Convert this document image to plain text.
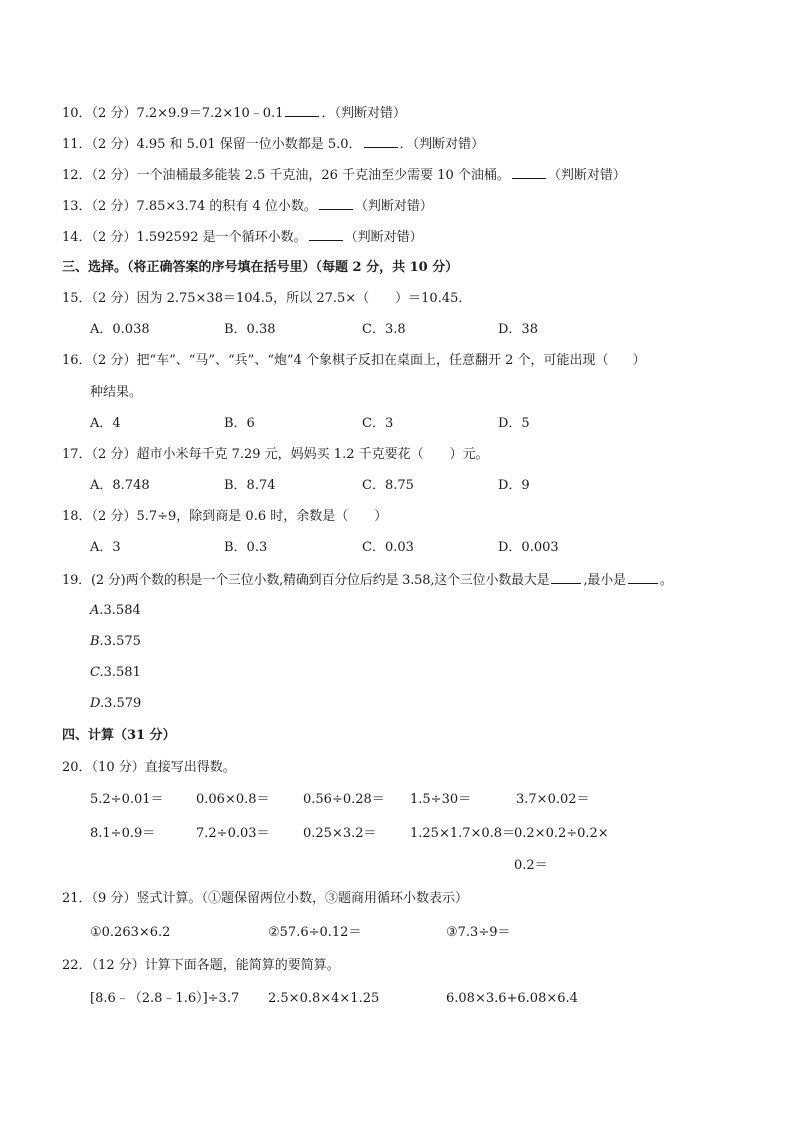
10．（2 分）7.2×9.9＝7.2×10﹣0.1	．（判断对错）
11．（2 分）4.95 和 5.01 保留一位小数都是 5.0．	．（判断对错）
12．（2 分）一个油桶最多能装 2.5 千克油，26 千克油至少需要 10 个油桶。	（判断对错）
13．（2 分）7.85×3.74 的积有 4 位小数。	（判断对错）
14．（2 分）1.592592 是一个循环小数。	（判断对错）
三、选择。（将正确答案的序号填在括号里）（每题 2 分，共 10 分）
15．（2 分）因为 2.75×38＝104.5，所以 27.5×（ ）＝10.45．
A．0.038	B．0.38	C．3.8	D．38
16．（2 分）把“车”、“马”、“兵”、“炮”4 个象棋子反扣在桌面上，任意翻开 2 个，可能出现（ ）
种结果。
A．4	B．6	C．3	D．5
17．（2 分）超市小米每千克 7.29 元，妈妈买 1.2 千克要花（ ）元。
A．8.748	B．8.74	C．8.75	D．9
18．（2 分）5.7÷9，除到商是 0.6 时，余数是（ ）
A．3	B．0.3	C．0.03	D．0.003
19．(2 分)两个数的积是一个三位小数,精确到百分位后约是 3.58,这个三位小数最大是	,最小是	。
A.3.584
B.3.575
C.3.581
D.3.579
四、计算（31 分）
20．（10 分）直接写出得数。
5.2÷0.01＝ 0.06×0.8＝	0.56÷0.28＝ 1.5÷30＝	3.7×0.02＝
8.1÷0.9＝	7.2÷0.03＝	0.25×3.2＝	1.25×1.7×0.8＝
0.2×0.2÷0.2×
0.2＝
21．（9 分）竖式计算。（①题保留两位小数，③题商用循环小数表示）
①0.263×6.2	②57.6÷0.12＝	③7.3÷9＝
22．（12 分）计算下面各题，能简算的要简算。
[8.6﹣（2.8﹣1.6）]÷3.7 2.5×0.8×4×1.25	6.08×3.6+6.08×6.4
